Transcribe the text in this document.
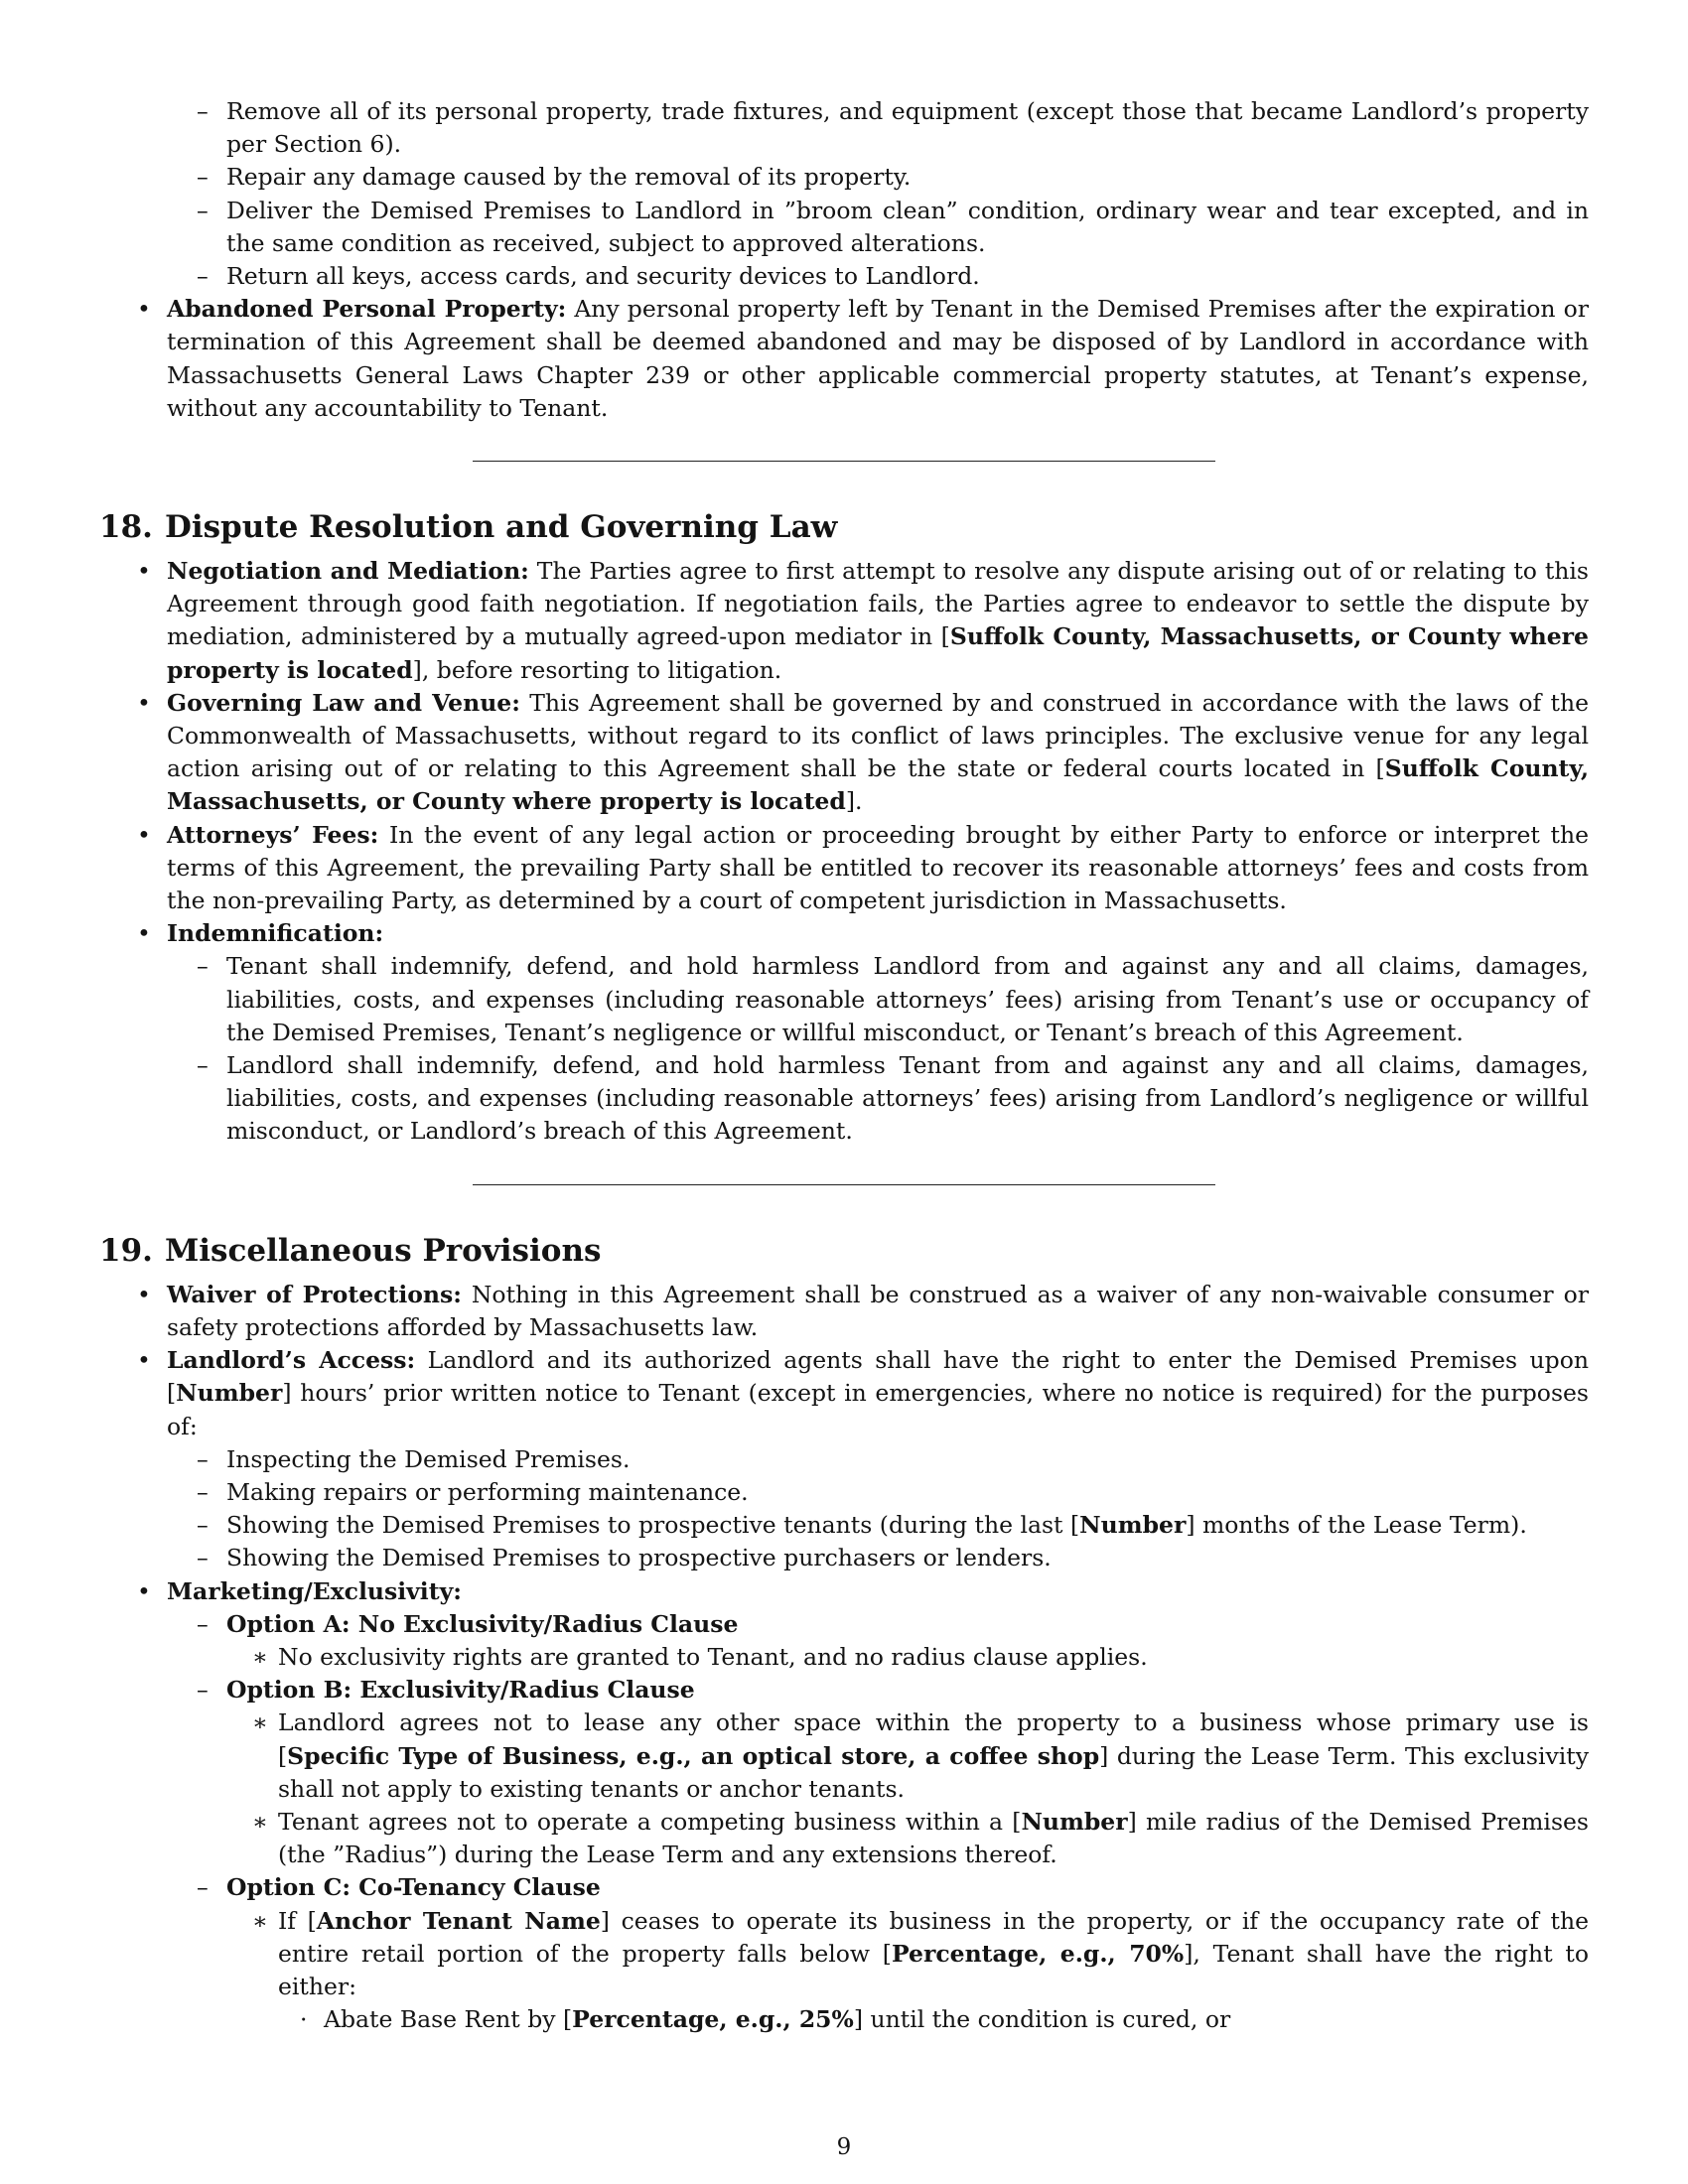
– Remove all of its personal property, trade fixtures, and equipment (except those that became Landlord’s property per Section 6).
– Repair any damage caused by the removal of its property.
– Deliver the Demised Premises to Landlord in ”broom clean” condition, ordinary wear and tear excepted, and in the same condition as received, subject to approved alterations.
– Return all keys, access cards, and security devices to Landlord.
• Abandoned Personal Property: Any personal property left by Tenant in the Demised Premises after the expiration or termination of this Agreement shall be deemed abandoned and may be disposed of by Landlord in accordance with Massachusetts General Laws Chapter 239 or other applicable commercial property statutes, at Tenant’s expense, without any accountability to Tenant.
18. Dispute Resolution and Governing Law
• Negotiation and Mediation: The Parties agree to first attempt to resolve any dispute arising out of or relating to this Agreement through good faith negotiation. If negotiation fails, the Parties agree to endeavor to settle the dispute by mediation, administered by a mutually agreed-upon mediator in [Suffolk County, Massachusetts, or County where property is located], before resorting to litigation.
• Governing Law and Venue: This Agreement shall be governed by and construed in accordance with the laws of the Commonwealth of Massachusetts, without regard to its conflict of laws principles. The exclusive venue for any legal action arising out of or relating to this Agreement shall be the state or federal courts located in [Suffolk County, Massachusetts, or County where property is located].
• Attorneys’ Fees: In the event of any legal action or proceeding brought by either Party to enforce or interpret the terms of this Agreement, the prevailing Party shall be entitled to recover its reasonable attorneys’ fees and costs from the non-prevailing Party, as determined by a court of competent jurisdiction in Massachusetts.
• Indemnification:
– Tenant shall indemnify, defend, and hold harmless Landlord from and against any and all claims, damages, liabilities, costs, and expenses (including reasonable attorneys’ fees) arising from Tenant’s use or occupancy of the Demised Premises, Tenant’s negligence or willful misconduct, or Tenant’s breach of this Agreement.
– Landlord shall indemnify, defend, and hold harmless Tenant from and against any and all claims, damages, liabilities, costs, and expenses (including reasonable attorneys’ fees) arising from Landlord’s negligence or willful misconduct, or Landlord’s breach of this Agreement.
19. Miscellaneous Provisions
• Waiver of Protections: Nothing in this Agreement shall be construed as a waiver of any non-waivable consumer or safety protections afforded by Massachusetts law.
• Landlord’s Access: Landlord and its authorized agents shall have the right to enter the Demised Premises upon [Number] hours’ prior written notice to Tenant (except in emergencies, where no notice is required) for the purposes of:
– Inspecting the Demised Premises.
– Making repairs or performing maintenance.
– Showing the Demised Premises to prospective tenants (during the last [Number] months of the Lease Term).
– Showing the Demised Premises to prospective purchasers or lenders.
• Marketing/Exclusivity:
– Option A: No Exclusivity/Radius Clause
∗ No exclusivity rights are granted to Tenant, and no radius clause applies.
– Option B: Exclusivity/Radius Clause
∗ Landlord agrees not to lease any other space within the property to a business whose primary use is [Specific Type of Business, e.g., an optical store, a coffee shop] during the Lease Term. This exclusivity shall not apply to existing tenants or anchor tenants.
∗ Tenant agrees not to operate a competing business within a [Number] mile radius of the Demised Premises (the ”Radius”) during the Lease Term and any extensions thereof.
– Option C: Co-Tenancy Clause
∗ If [Anchor Tenant Name] ceases to operate its business in the property, or if the occupancy rate of the entire retail portion of the property falls below [Percentage, e.g., 70%], Tenant shall have the right to either:
· Abate Base Rent by [Percentage, e.g., 25%] until the condition is cured, or
9
